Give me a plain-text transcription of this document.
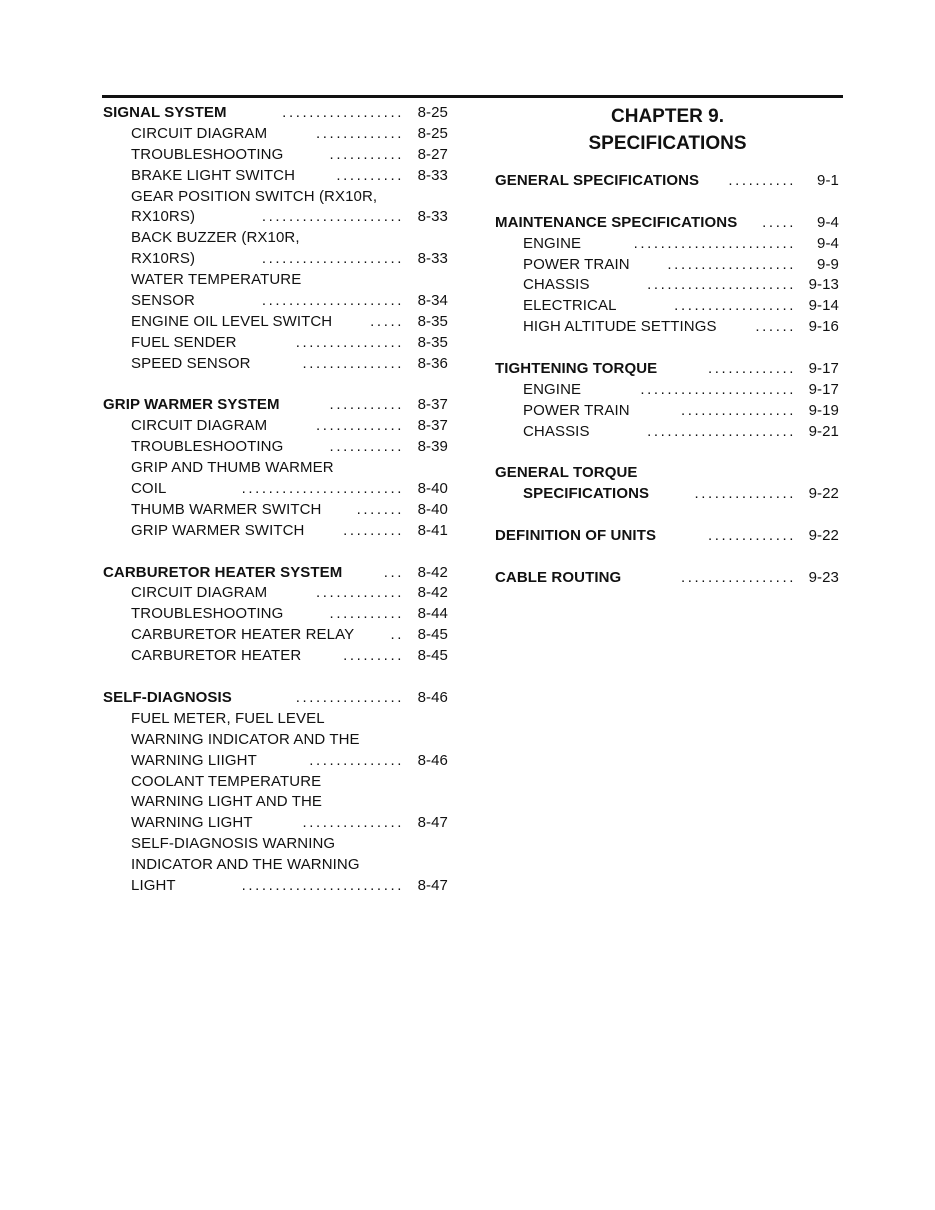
SIGNAL SYSTEM	.................. 8-25
CIRCUIT DIAGRAM	............. 8-25
TROUBLESHOOTING	........... 8-27
BRAKE LIGHT SWITCH	.......... 8-33
GEAR POSITION SWITCH (RX10R,
RX10RS)	..................... 8-33
BACK BUZZER (RX10R,
RX10RS)	..................... 8-33
WATER TEMPERATURE
SENSOR	..................... 8-34
ENGINE OIL LEVEL SWITCH	..... 8-35
FUEL SENDER	................ 8-35
SPEED SENSOR	............... 8-36
GRIP WARMER SYSTEM	........... 8-37
CIRCUIT DIAGRAM	............. 8-37
TROUBLESHOOTING	........... 8-39
GRIP AND THUMB WARMER
COIL	........................ 8-40
THUMB WARMER SWITCH ....... 8-40
GRIP WARMER SWITCH	......... 8-41
CARBURETOR HEATER SYSTEM	... 8-42
CIRCUIT DIAGRAM	............. 8-42
TROUBLESHOOTING	........... 8-44
CARBURETOR HEATER RELAY .. 8-45
CARBURETOR HEATER	......... 8-45
SELF-DIAGNOSIS	................ 8-46
FUEL METER, FUEL LEVEL
WARNING INDICATOR AND THE
WARNING LIIGHT	.............. 8-46
COOLANT TEMPERATURE
WARNING LIGHT AND THE
WARNING LIGHT	............... 8-47
SELF-DIAGNOSIS WARNING
INDICATOR AND THE WARNING
LIGHT	........................ 8-47
CHAPTER 9.
SPECIFICATIONS
GENERAL SPECIFICATIONS .......... 9-1
MAINTENANCE SPECIFICATIONS ..... 9-4
ENGINE	........................ 9-4
POWER TRAIN	................... 9-9
CHASSIS	...................... 9-13
ELECTRICAL	.................. 9-14
HIGH ALTITUDE SETTINGS	...... 9-16
TIGHTENING TORQUE	............. 9-17
ENGINE	....................... 9-17
POWER TRAIN	................. 9-19
CHASSIS	...................... 9-21
GENERAL TORQUE
SPECIFICATIONS	............... 9-22
DEFINITION OF UNITS	............. 9-22
CABLE ROUTING	................. 9-23
